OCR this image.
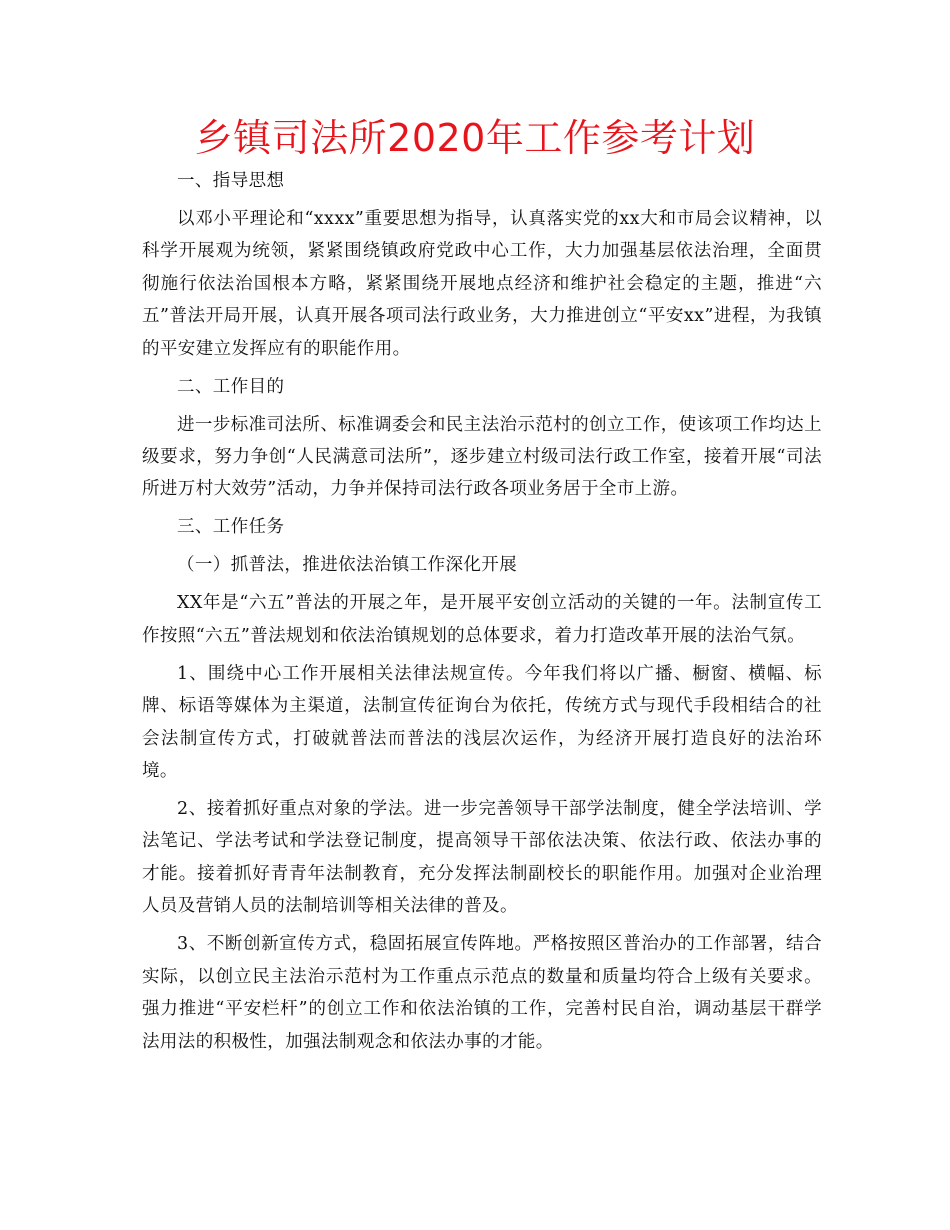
乡镇司法所2020年工作参考计划

一、指导思想

以邓小平理论和“xxxx”重要思想为指导，认真落实党的xx大和市局会议精神，以科学开展观为统领，紧紧围绕镇政府党政中心工作，大力加强基层依法治理，全面贯彻施行依法治国根本方略，紧紧围绕开展地点经济和维护社会稳定的主题，推进“六五”普法开局开展，认真开展各项司法行政业务，大力推进创立“平安xx”进程，为我镇的平安建立发挥应有的职能作用。

二、工作目的

进一步标准司法所、标准调委会和民主法治示范村的创立工作，使该项工作均达上级要求，努力争创“人民满意司法所”，逐步建立村级司法行政工作室，接着开展“司法所进万村大效劳”活动，力争并保持司法行政各项业务居于全市上游。

三、工作任务

（一）抓普法，推进依法治镇工作深化开展

XX年是“六五”普法的开展之年，是开展平安创立活动的关键的一年。法制宣传工作按照“六五”普法规划和依法治镇规划的总体要求，着力打造改革开展的法治气氛。

1、围绕中心工作开展相关法律法规宣传。今年我们将以广播、橱窗、横幅、标牌、标语等媒体为主渠道，法制宣传征询台为依托，传统方式与现代手段相结合的社会法制宣传方式，打破就普法而普法的浅层次运作，为经济开展打造良好的法治环境。

2、接着抓好重点对象的学法。进一步完善领导干部学法制度，健全学法培训、学法笔记、学法考试和学法登记制度，提高领导干部依法决策、依法行政、依法办事的才能。接着抓好青青年法制教育，充分发挥法制副校长的职能作用。加强对企业治理人员及营销人员的法制培训等相关法律的普及。

3、不断创新宣传方式，稳固拓展宣传阵地。严格按照区普治办的工作部署，结合实际，以创立民主法治示范村为工作重点示范点的数量和质量均符合上级有关要求。强力推进“平安栏杆”的创立工作和依法治镇的工作，完善村民自治，调动基层干群学法用法的积极性，加强法制观念和依法办事的才能。
